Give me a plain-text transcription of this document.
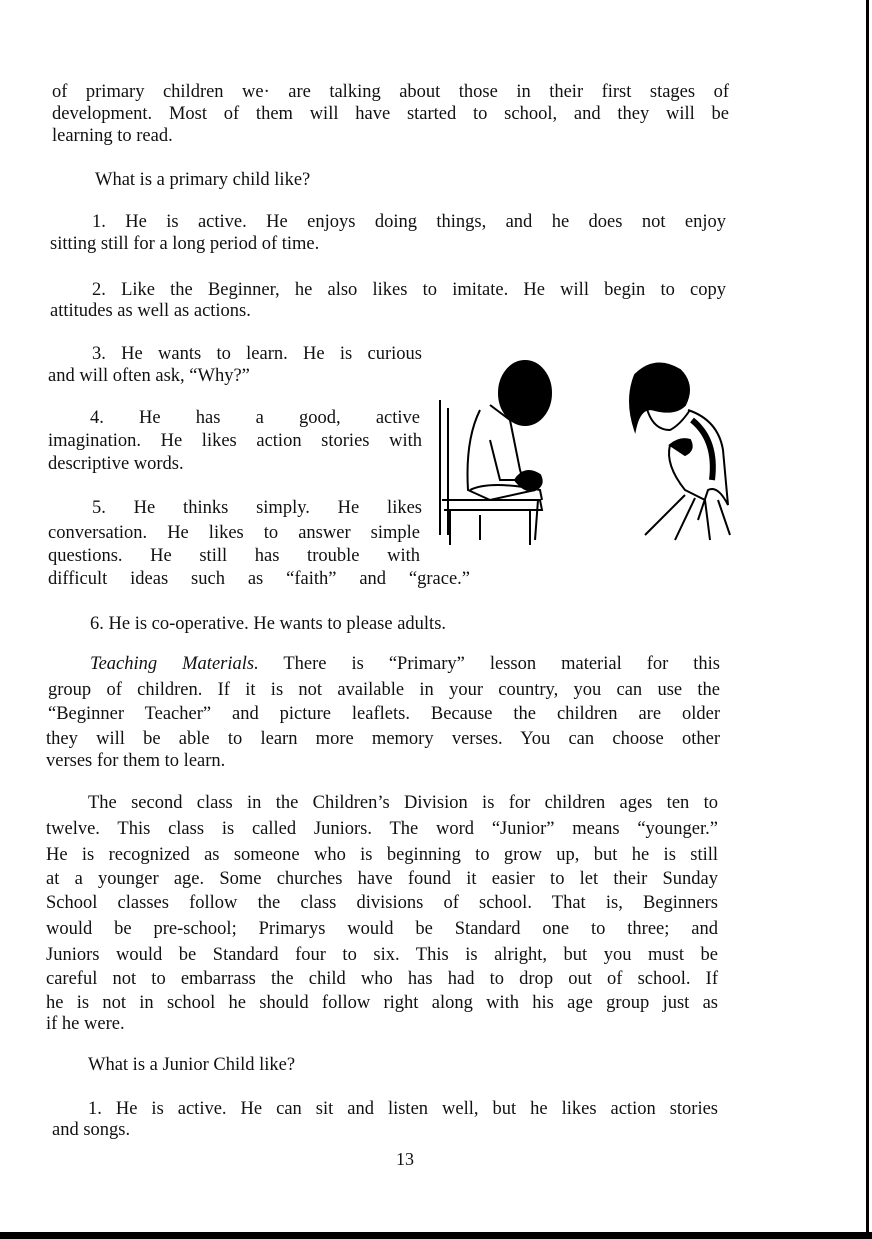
of primary children we· are talking about those in their first stages of
development. Most of them will have started to school, and they will be
learning to read.
What is a primary child like?
1. He is active. He enjoys doing things, and he does not enjoy
sitting still for a long period of time.
2. Like the Beginner, he also likes to imitate. He will begin to copy
attitudes as well as actions.
3. He wants to learn. He is curious
and will often ask, “Why?”
4. He has a good, active
imagination. He likes action stories with
descriptive words.
5. He thinks simply. He likes
conversation. He likes to answer simple
questions. He still has trouble with
difficult ideas such as “faith” and “grace.”
6. He is co-operative. He wants to please adults.
Teaching Materials. There is “Primary” lesson material for this
group of children. If it is not available in your country, you can use the
“Beginner Teacher” and picture leaflets. Because the children are older
they will be able to learn more memory verses. You can choose other
verses for them to learn.
The second class in the Children’s Division is for children ages ten to
twelve. This class is called Juniors. The word “Junior” means “younger.”
He is recognized as someone who is beginning to grow up, but he is still
at a younger age. Some churches have found it easier to let their Sunday
School classes follow the class divisions of school. That is, Beginners
would be pre-school; Primarys would be Standard one to three; and
Juniors would be Standard four to six. This is alright, but you must be
careful not to embarrass the child who has had to drop out of school. If
he is not in school he should follow right along with his age group just as
if he were.
What is a Junior Child like?
1. He is active. He can sit and listen well, but he likes action stories
and songs.
13
